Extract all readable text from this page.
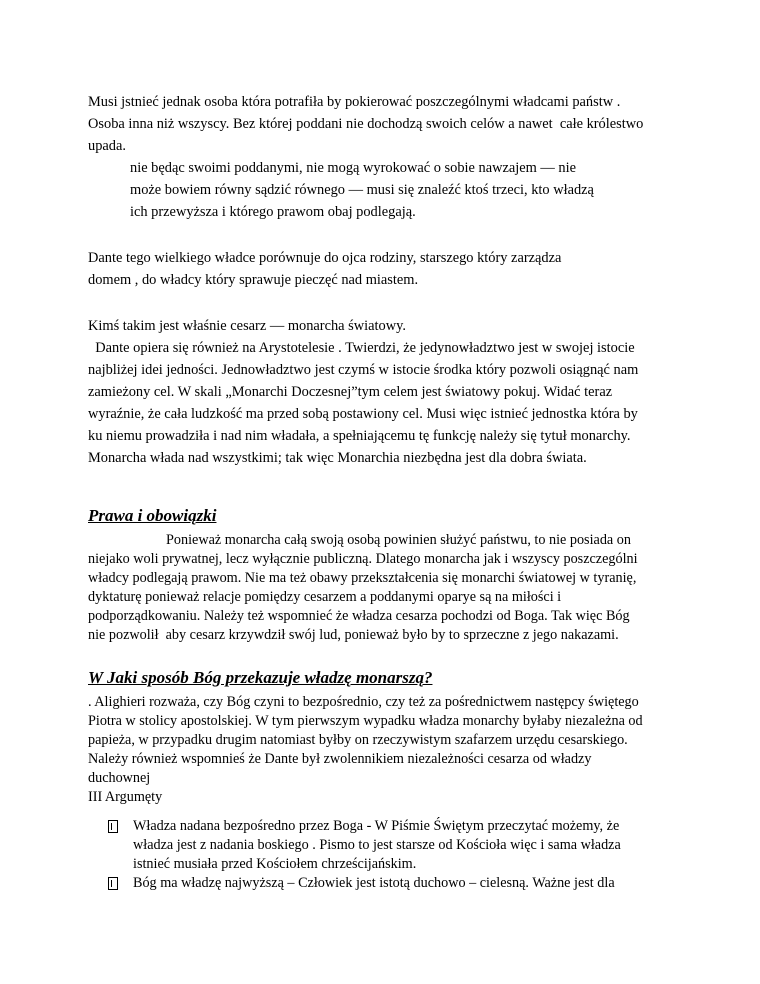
Musi jstnieć jednak osoba która potrafiła by pokierować poszczególnymi władcami państw .
Osoba inna niż wszyscy. Bez której poddani nie dochodzą swoich celów a nawet  całe królestwo
upada.
nie będąc swoimi poddanymi, nie mogą wyrokować o sobie nawzajem — nie
może bowiem równy sądzić równego — musi się znaleźć ktoś trzeci, kto władzą
ich przewyższa i którego prawom obaj podlegają.
Dante tego wielkiego władce porównuje do ojca rodziny, starszego który zarządza
domem , do władcy który sprawuje pieczęć nad miastem.
Kimś takim jest właśnie cesarz — monarcha światowy.
Dante opiera się również na Arystotelesie . Twierdzi, że jedynowładztwo jest w swojej istocie
najbliżej idei jedności. Jednowładztwo jest czymś w istocie środka który pozwoli osiągnąć nam
zamieżony cel. W skali „Monarchi Doczesnej”tym celem jest światowy pokuj. Widać teraz
wyraźnie, że cała ludzkość ma przed sobą postawiony cel. Musi więc istnieć jednostka która by
ku niemu prowadziła i nad nim władała, a spełniającemu tę funkcję należy się tytuł monarchy.
Monarcha włada nad wszystkimi; tak więc Monarchia niezbędna jest dla dobra świata.
Prawa i obowiązki
Ponieważ monarcha całą swoją osobą powinien służyć państwu, to nie posiada on
niejako woli prywatnej, lecz wyłącznie publiczną. Dlatego monarcha jak i wszyscy poszczególni
władcy podlegają prawom. Nie ma też obawy przekształcenia się monarchi światowej w tyranię,
dyktaturę ponieważ relacje pomiędzy cesarzem a poddanymi oparye są na miłości i
podporządkowaniu. Należy też wspomnieć że władza cesarza pochodzi od Boga. Tak więc Bóg
nie pozwolił  aby cesarz krzywdził swój lud, ponieważ było by to sprzeczne z jego nakazami.
W Jaki sposób Bóg przekazuje władzę monarszą?
. Alighieri rozważa, czy Bóg czyni to bezpośrednio, czy też za pośrednictwem następcy świętego
Piotra w stolicy apostolskiej. W tym pierwszym wypadku władza monarchy byłaby niezależna od
papieża, w przypadku drugim natomiast byłby on rzeczywistym szafarzem urzędu cesarskiego.
Należy również wspomnieś że Dante był zwolennikiem niezależności cesarza od władzy
duchownej
III Argumęty
Władza nadana bezpośredno przez Boga - W Piśmie Świętym przeczytać możemy, że
władza jest z nadania boskiego . Pismo to jest starsze od Kościoła więc i sama władza
istnieć musiała przed Kościołem chrześcijańskim.
Bóg ma władzę najwyższą – Człowiek jest istotą duchowo – cielesną. Ważne jest dla
